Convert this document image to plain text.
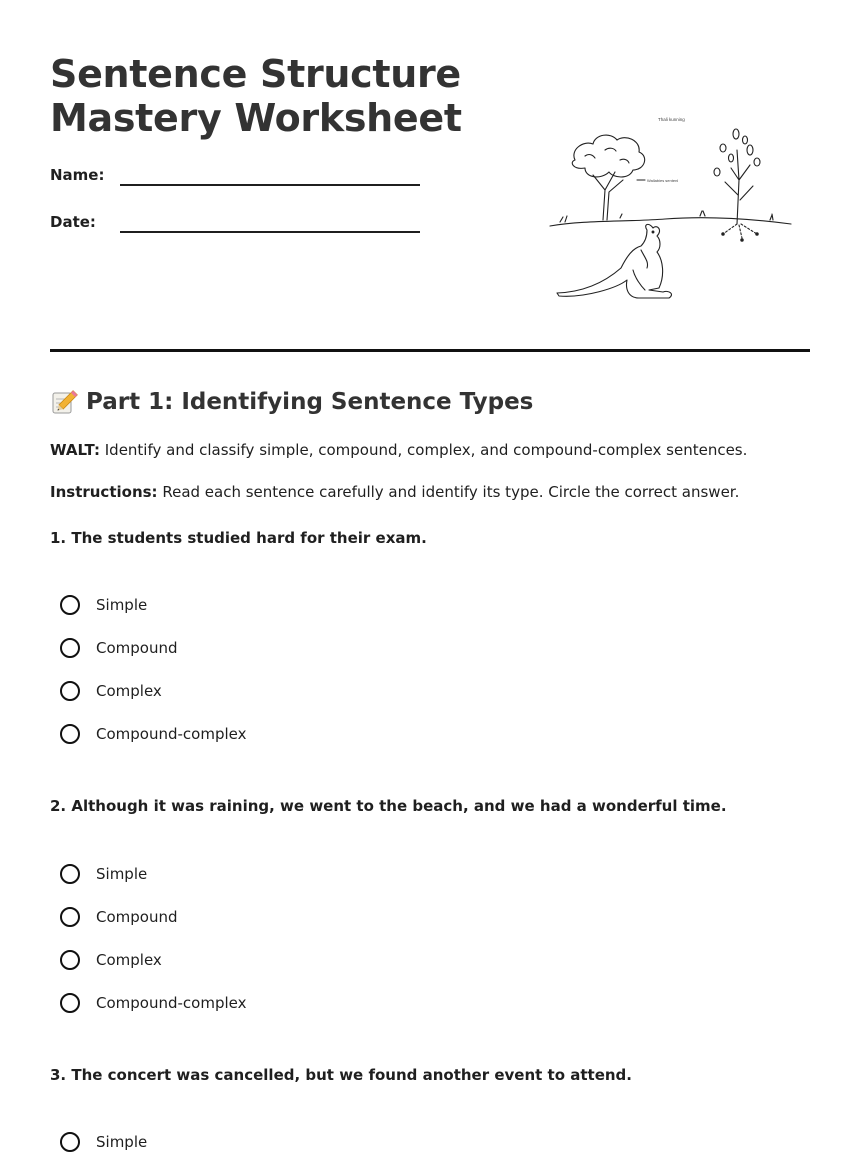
Sentence Structure Mastery Worksheet
Name:
Date:
Thali kunning
Wallabies sentenl
Part 1: Identifying Sentence Types
WALT: Identify and classify simple, compound, complex, and compound-complex sentences.
Instructions: Read each sentence carefully and identify its type. Circle the correct answer.
1. The students studied hard for their exam.
Simple
Compound
Complex
Compound-complex
2. Although it was raining, we went to the beach, and we had a wonderful time.
Simple
Compound
Complex
Compound-complex
3. The concert was cancelled, but we found another event to attend.
Simple
